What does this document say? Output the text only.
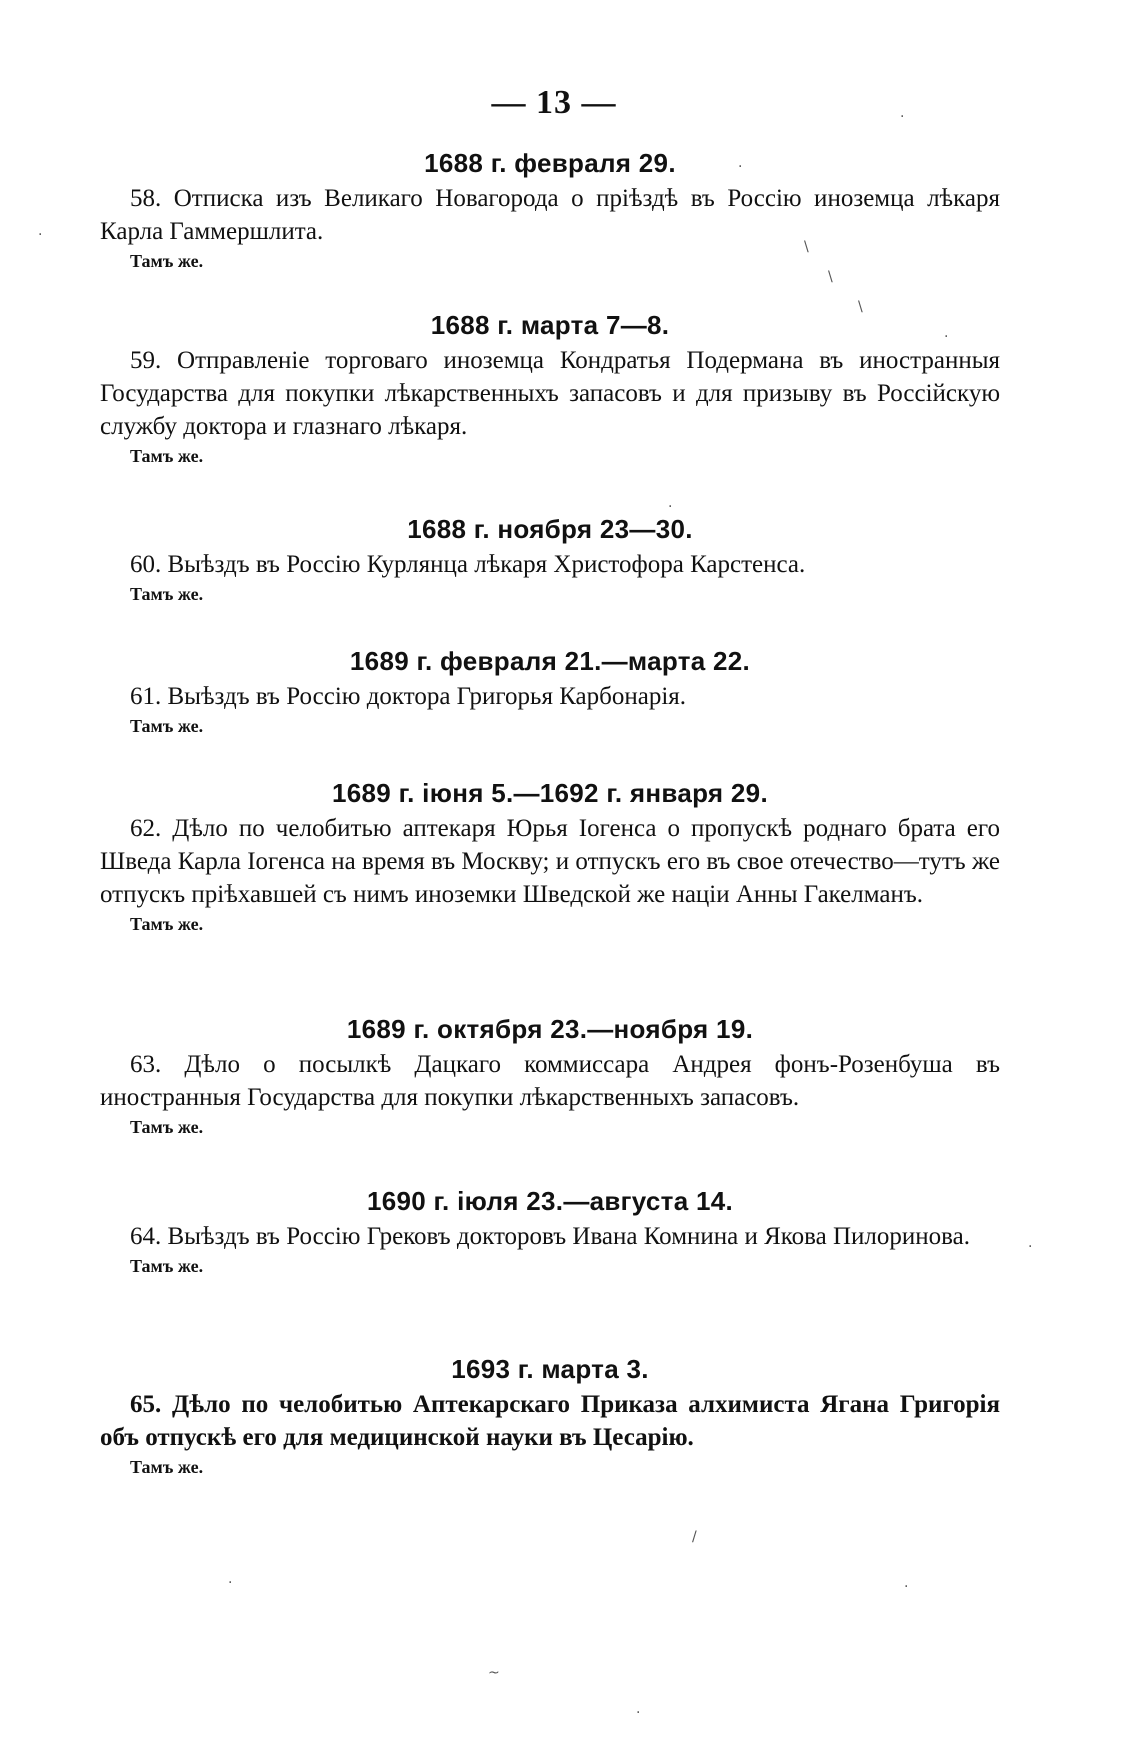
— 13 —
1688 г. февраля 29.

58. Отписка изъ Великаго Новагорода о пріѣздѣ въ Россію иноземца лѣкаря Карла Гаммершлита.

Тамъ же.
1688 г. марта 7—8.

59. Отправленіе торговаго иноземца Кондратья Подермана въ иностранныя Государства для покупки лѣкарственныхъ запасовъ и для призыву въ Россійскую службу доктора и глазнаго лѣкаря.

Тамъ же.
1688 г. ноября 23—30.

60. Выѣздъ въ Россію Курлянца лѣкаря Христофора Карстенса.

Тамъ же.
1689 г. февраля 21.—марта 22.

61. Выѣздъ въ Россію доктора Григорья Карбонарія.

Тамъ же.
1689 г. іюня 5.—1692 г. января 29.

62. Дѣло по челобитью аптекаря Юрья Іогенса о пропускѣ роднаго брата его Шведа Карла Іогенса на время въ Москву; и отпускъ его въ свое отечество—тутъ же отпускъ пріѣхавшей съ нимъ иноземки Шведской же націи Анны Гакелманъ.

Тамъ же.
1689 г. октября 23.—ноября 19.

63. Дѣло о посылкѣ Дацкаго коммиссара Андрея фонъ-Розенбуша въ иностранныя Государства для покупки лѣкарственныхъ запасовъ.

Тамъ же.
1690 г. іюля 23.—августа 14.

64. Выѣздъ въ Россію Грековъ докторовъ Ивана Комнина и Якова Пилоринова.

Тамъ же.
1693 г. марта 3.

65. Дѣло по челобитью Аптекарскаго Приказа алхимиста Ягана Григорія объ отпускѣ его для медицинской науки въ Цесарію.

Тамъ же.
·
·
\
\
\
·
·
·
·
/
·	·
~
·
